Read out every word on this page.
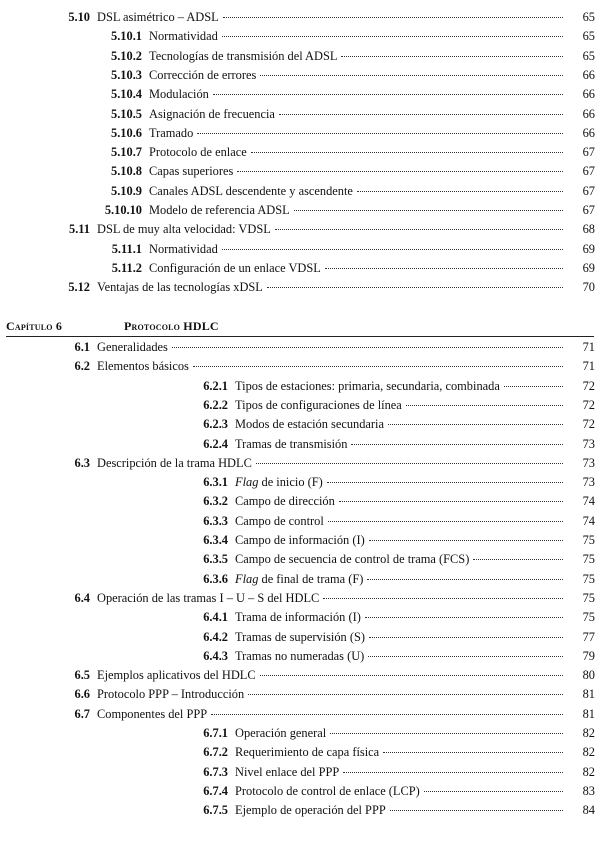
5.10 DSL asimétrico – ADSL	65
5.10.1 Normatividad	65
5.10.2 Tecnologías de transmisión del ADSL	65
5.10.3 Corrección de errores	66
5.10.4 Modulación	66
5.10.5 Asignación de frecuencia	66
5.10.6 Tramado	66
5.10.7 Protocolo de enlace	67
5.10.8 Capas superiores	67
5.10.9 Canales ADSL descendente y ascendente	67
5.10.10 Modelo de referencia ADSL	67
5.11 DSL de muy alta velocidad: VDSL	68
5.11.1 Normatividad	69
5.11.2 Configuración de un enlace VDSL	69
5.12 Ventajas de las tecnologías xDSL	70
Capítulo 6	Protocolo HDLC
6.1 Generalidades	71
6.2 Elementos básicos	71
6.2.1 Tipos de estaciones: primaria, secundaria, combinada	72
6.2.2 Tipos de configuraciones de línea	72
6.2.3 Modos de estación secundaria	72
6.2.4 Tramas de transmisión	73
6.3 Descripción de la trama HDLC	73
6.3.1 Flag de inicio (F)	73
6.3.2 Campo de dirección	74
6.3.3 Campo de control	74
6.3.4 Campo de información (I)	75
6.3.5 Campo de secuencia de control de trama (FCS)	75
6.3.6 Flag de final de trama (F)	75
6.4 Operación de las tramas I – U – S del HDLC	75
6.4.1 Trama de información (I)	75
6.4.2 Tramas de supervisión (S)	77
6.4.3 Tramas no numeradas (U)	79
6.5 Ejemplos aplicativos del HDLC	80
6.6 Protocolo PPP – Introducción	81
6.7 Componentes del PPP	81
6.7.1 Operación general	82
6.7.2 Requerimiento de capa física	82
6.7.3 Nivel enlace del PPP	82
6.7.4 Protocolo de control de enlace (LCP)	83
6.7.5 Ejemplo de operación del PPP	84
